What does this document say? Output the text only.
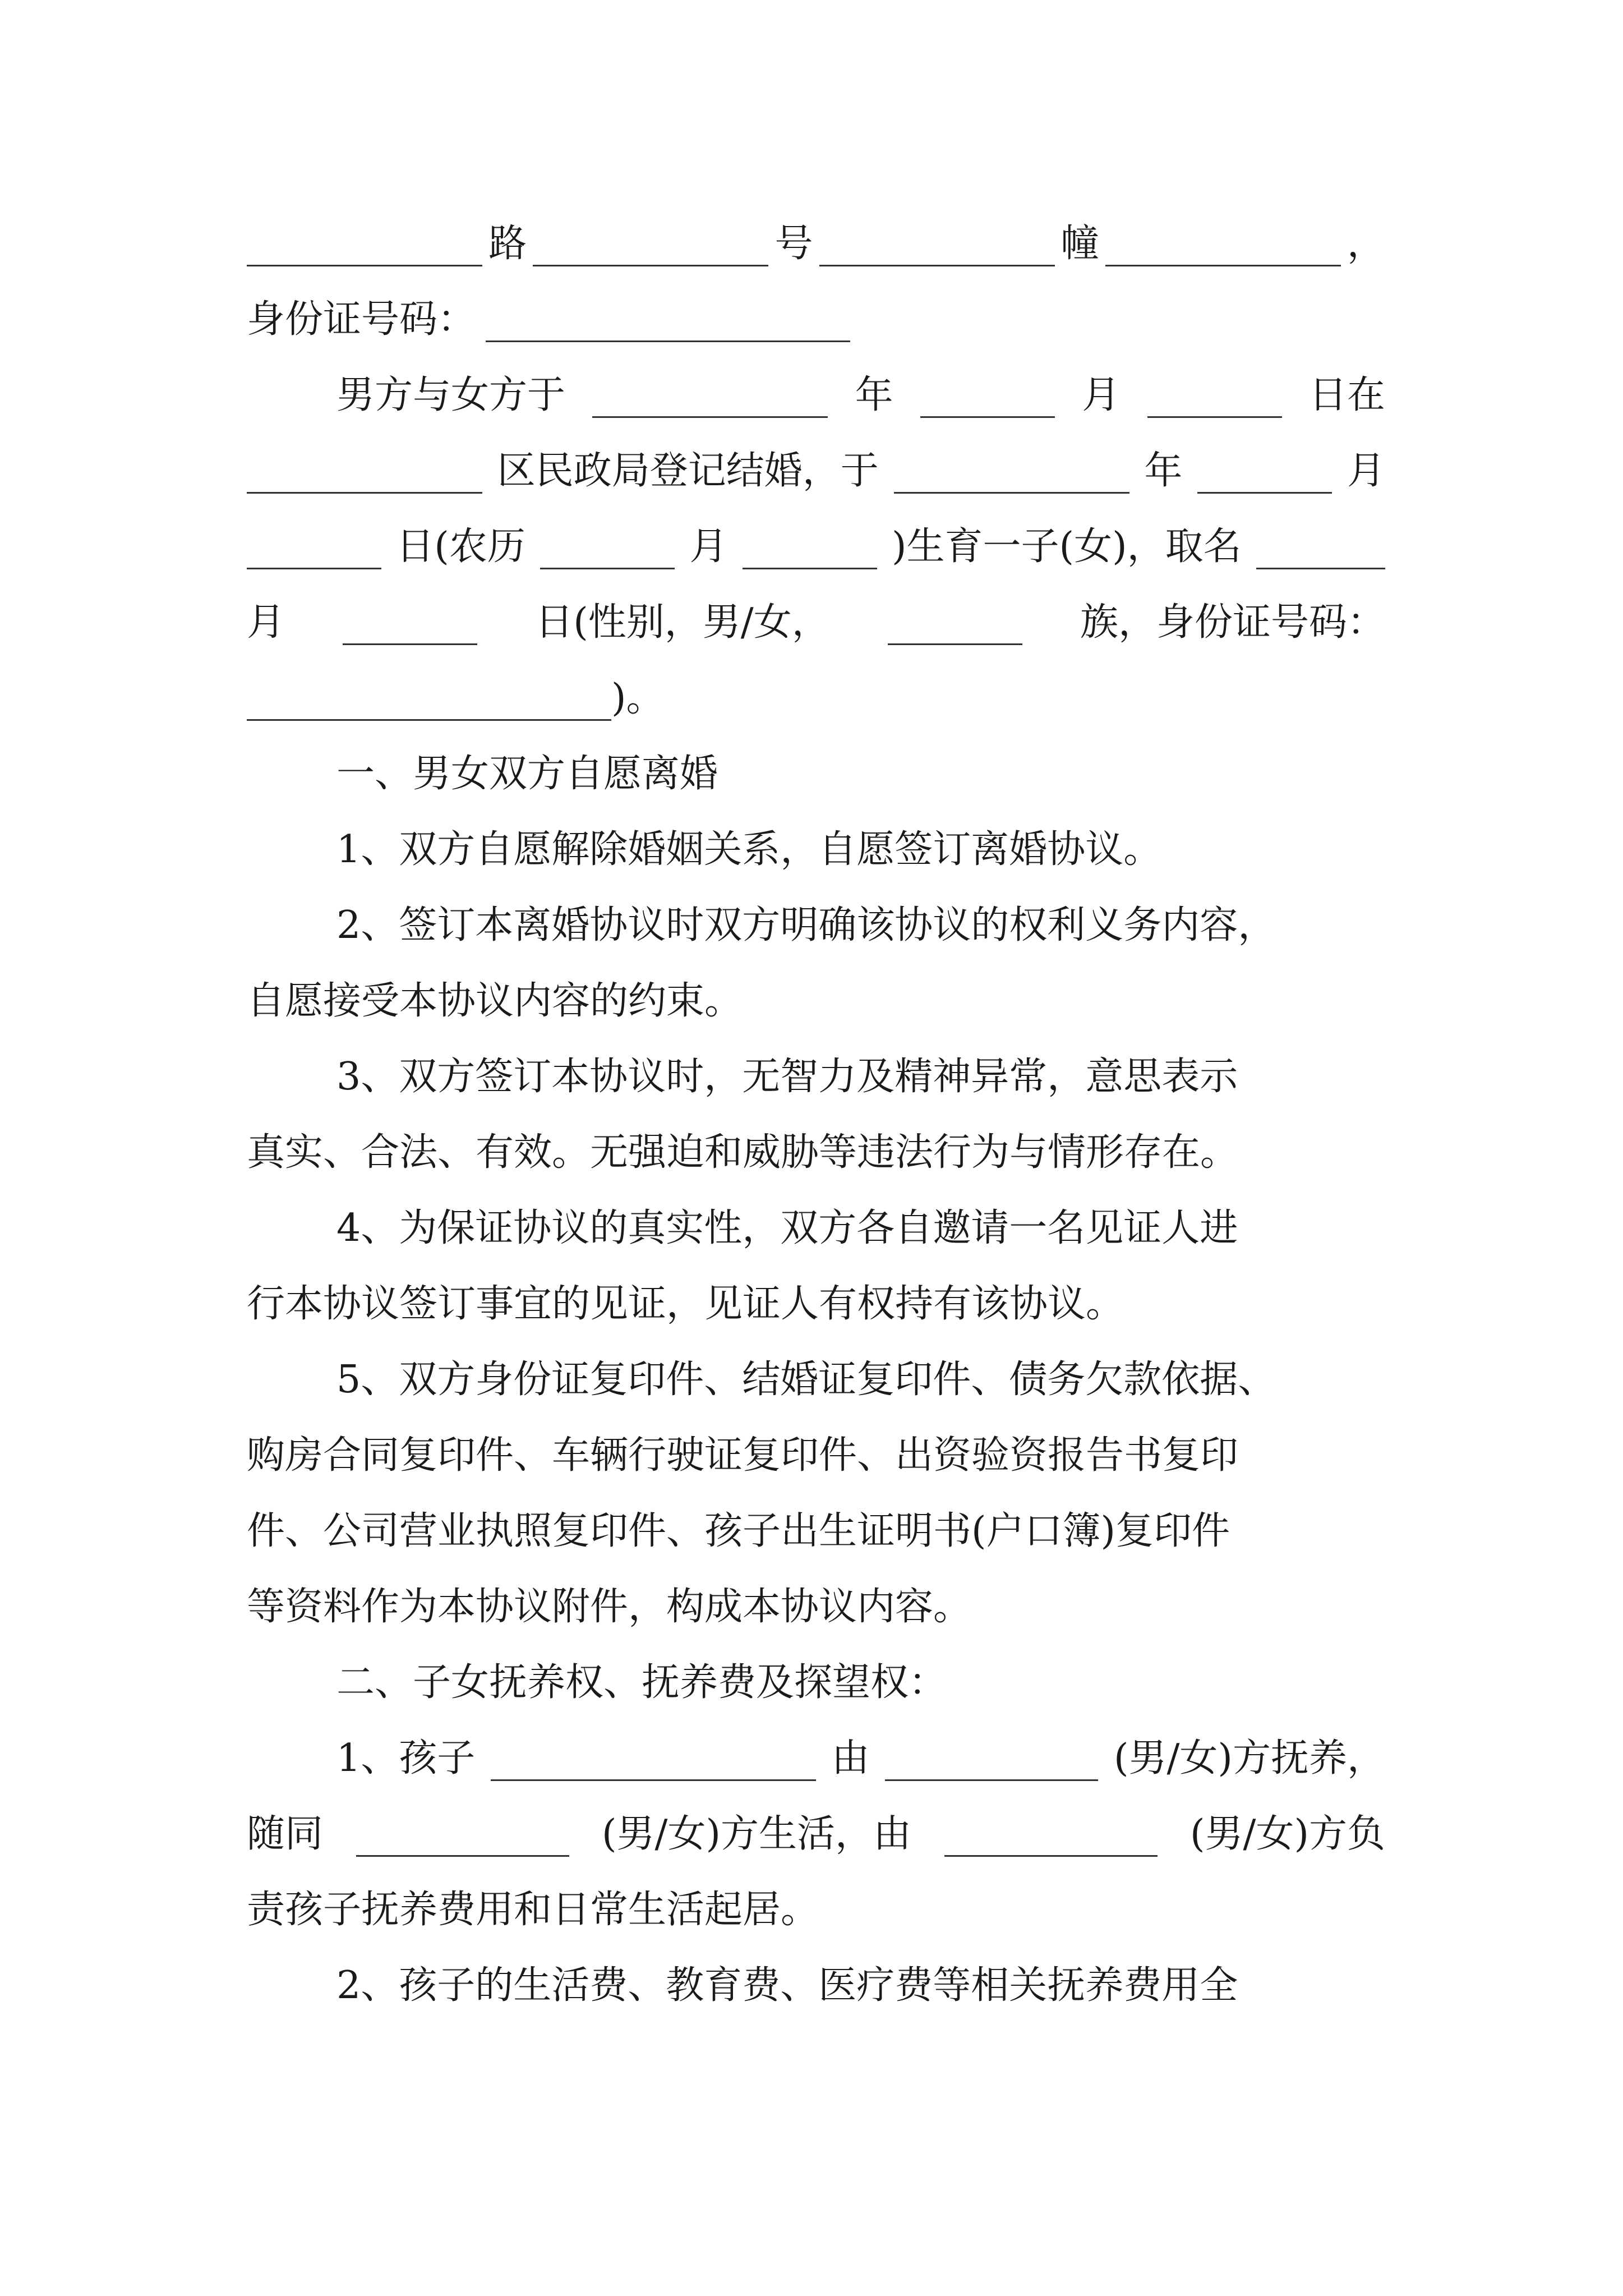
路	号	幢	，
身份证号码：
男方与女方于	年	月	日在
区民政局登记结婚，于	年	月
日(农历	月	)生育一子(女)，取名
月	日(性别，男/女，	族，身份证号码：
)。
一、男女双方自愿离婚
1、双方自愿解除婚姻关系，自愿签订离婚协议。
2、签订本离婚协议时双方明确该协议的权利义务内容，
自愿接受本协议内容的约束。
3、双方签订本协议时，无智力及精神异常，意思表示
真实、合法、有效。无强迫和威胁等违法行为与情形存在。
4、为保证协议的真实性，双方各自邀请一名见证人进
行本协议签订事宜的见证，见证人有权持有该协议。
5、双方身份证复印件、结婚证复印件、债务欠款依据、
购房合同复印件、车辆行驶证复印件、出资验资报告书复印
件、公司营业执照复印件、孩子出生证明书(户口簿)复印件
等资料作为本协议附件，构成本协议内容。
二、子女抚养权、抚养费及探望权：
1、孩子	由	(男/女)方抚养，
随同	(男/女)方生活，由	(男/女)方负
责孩子抚养费用和日常生活起居。
2、孩子的生活费、教育费、医疗费等相关抚养费用全
